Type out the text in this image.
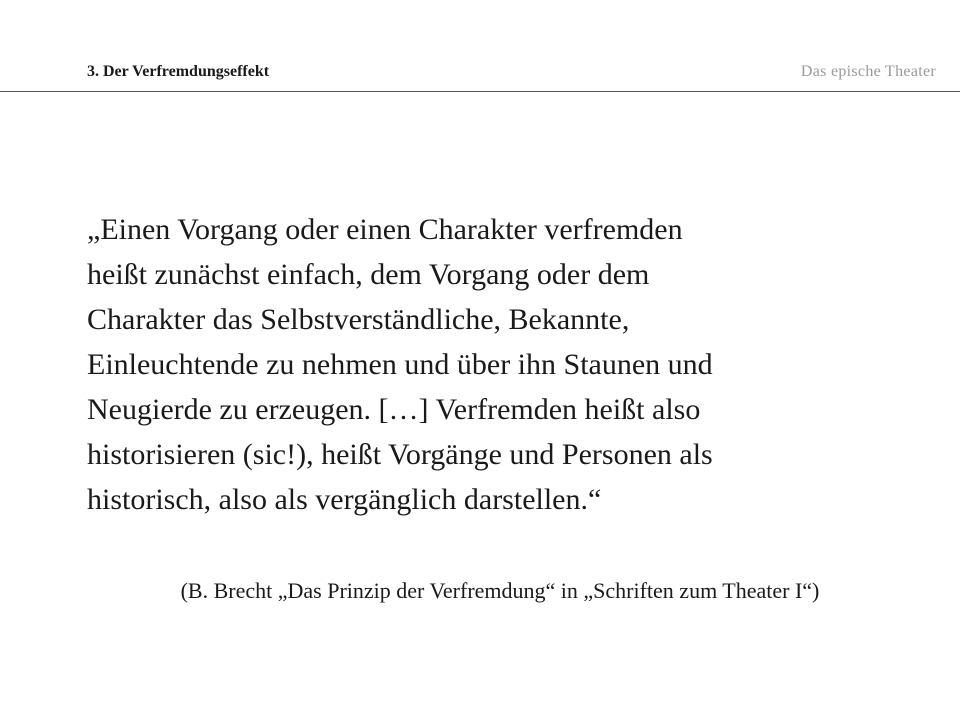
3. Der Verfremdungseffekt	Das epische Theater

„Einen Vorgang oder einen Charakter verfremden
heißt zunächst einfach, dem Vorgang oder dem
Charakter das Selbstverständliche, Bekannte,
Einleuchtende zu nehmen und über ihn Staunen und
Neugierde zu erzeugen. […] Verfremden heißt also
historisieren (sic!), heißt Vorgänge und Personen als
historisch, also als vergänglich darstellen.“

(B. Brecht „Das Prinzip der Verfremdung“ in „Schriften zum Theater I“)
